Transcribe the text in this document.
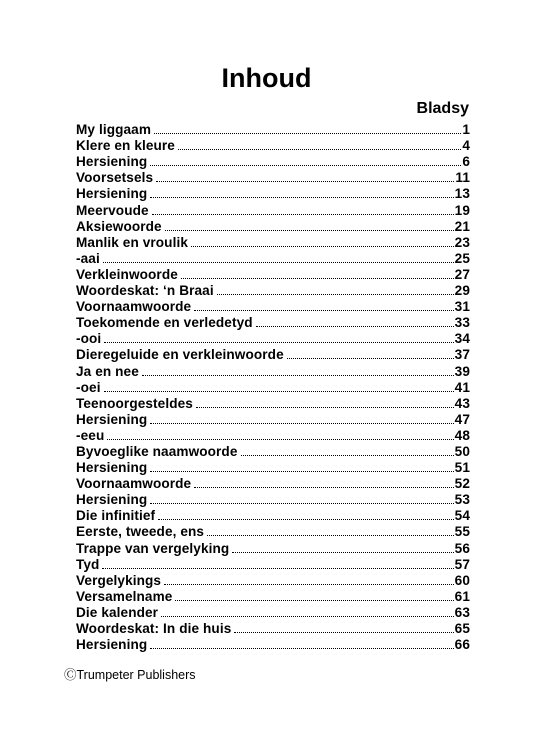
Inhoud
Bladsy
My liggaam	1
Klere en kleure	4
Hersiening	6
Voorsetsels	11
Hersiening	13
Meervoude	19
Aksiewoorde	21
Manlik en vroulik	23
-aai	25
Verkleinwoorde	27
Woordeskat: ‘n Braai	29
Voornaamwoorde	31
Toekomende en verledetyd	33
-ooi	34
Dieregeluide en verkleinwoorde	37
Ja en nee	39
-oei	41
Teenoorgesteldes	43
Hersiening	47
-eeu	48
Byvoeglike naamwoorde	50
Hersiening	51
Voornaamwoorde	52
Hersiening	53
Die infinitief	54
Eerste, tweede, ens	55
Trappe van vergelyking	56
Tyd	57
Vergelykings	60
Versamelname	61
Die kalender	63
Woordeskat: In die huis	65
Hersiening	66
ⒸTrumpeter Publishers
